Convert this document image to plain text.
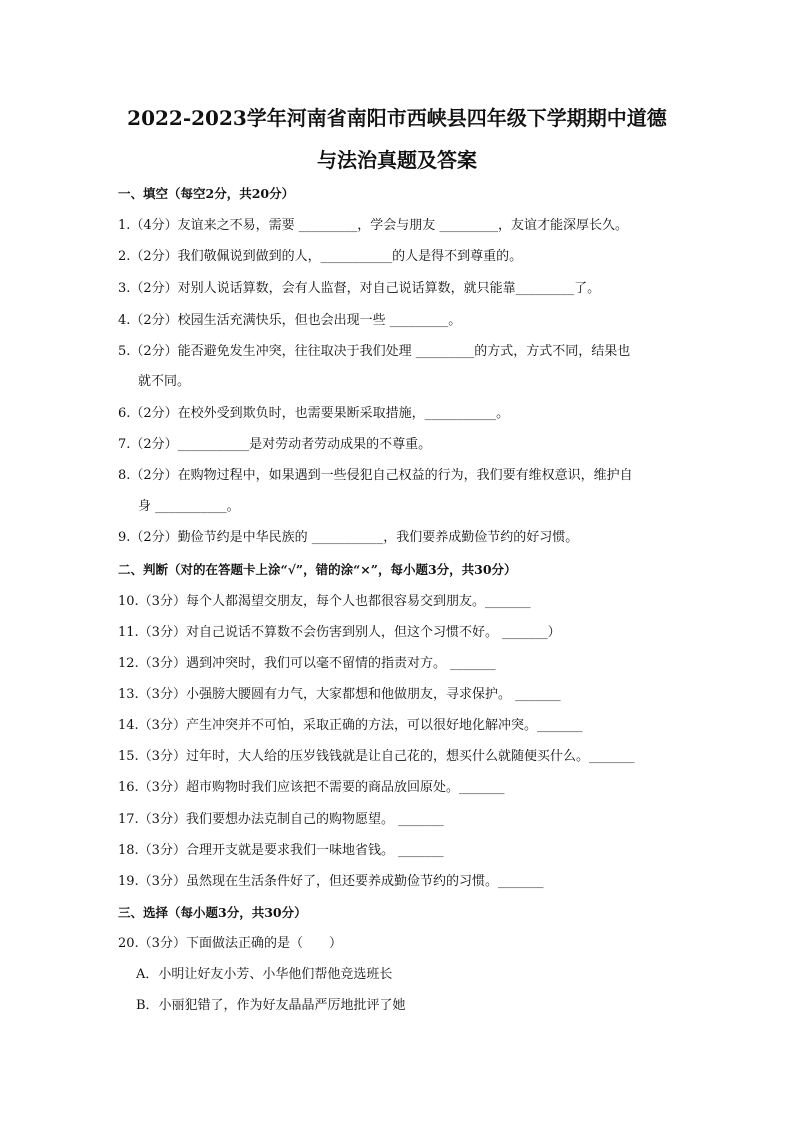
2022-2023学年河南省南阳市西峡县四年级下学期期中道德
与法治真题及答案
一、填空（每空2分，共20分）
1.（4分）友谊来之不易，需要 _________，学会与朋友 _________，友谊才能深厚长久。
2.（2分）我们敬佩说到做到的人，___________的人是得不到尊重的。
3.（2分）对别人说话算数，会有人监督，对自己说话算数，就只能靠_________了。
4.（2分）校园生活充满快乐，但也会出现一些 _________。
5.（2分）能否避免发生冲突，往往取决于我们处理 _________的方式，方式不同，结果也
就不同。
6.（2分）在校外受到欺负时，也需要果断采取措施，___________。
7.（2分）___________是对劳动者劳动成果的不尊重。
8.（2分）在购物过程中，如果遇到一些侵犯自己权益的行为，我们要有维权意识，维护自
身 ___________。
9.（2分）勤俭节约是中华民族的 ___________，我们要养成勤俭节约的好习惯。
二、判断（对的在答题卡上涂“√”，错的涂“×”，每小题3分，共30分）
10.（3分）每个人都渴望交朋友，每个人也都很容易交到朋友。_______
11.（3分）对自己说话不算数不会伤害到别人，但这个习惯不好。 _______）
12.（3分）遇到冲突时，我们可以毫不留情的指责对方。 _______
13.（3分）小强膀大腰圆有力气，大家都想和他做朋友，寻求保护。 _______
14.（3分）产生冲突并不可怕，采取正确的方法，可以很好地化解冲突。_______
15.（3分）过年时，大人给的压岁钱钱就是让自己花的，想买什么就随便买什么。_______
16.（3分）超市购物时我们应该把不需要的商品放回原处。_______
17.（3分）我们要想办法克制自己的购物愿望。 _______
18.（3分）合理开支就是要求我们一味地省钱。 _______
19.（3分）虽然现在生活条件好了，但还要养成勤俭节约的习惯。_______
三、选择（每小题3分，共30分）
20.（3分）下面做法正确的是（　　）
A．小明让好友小芳、小华他们帮他竞选班长
B．小丽犯错了，作为好友晶晶严厉地批评了她
